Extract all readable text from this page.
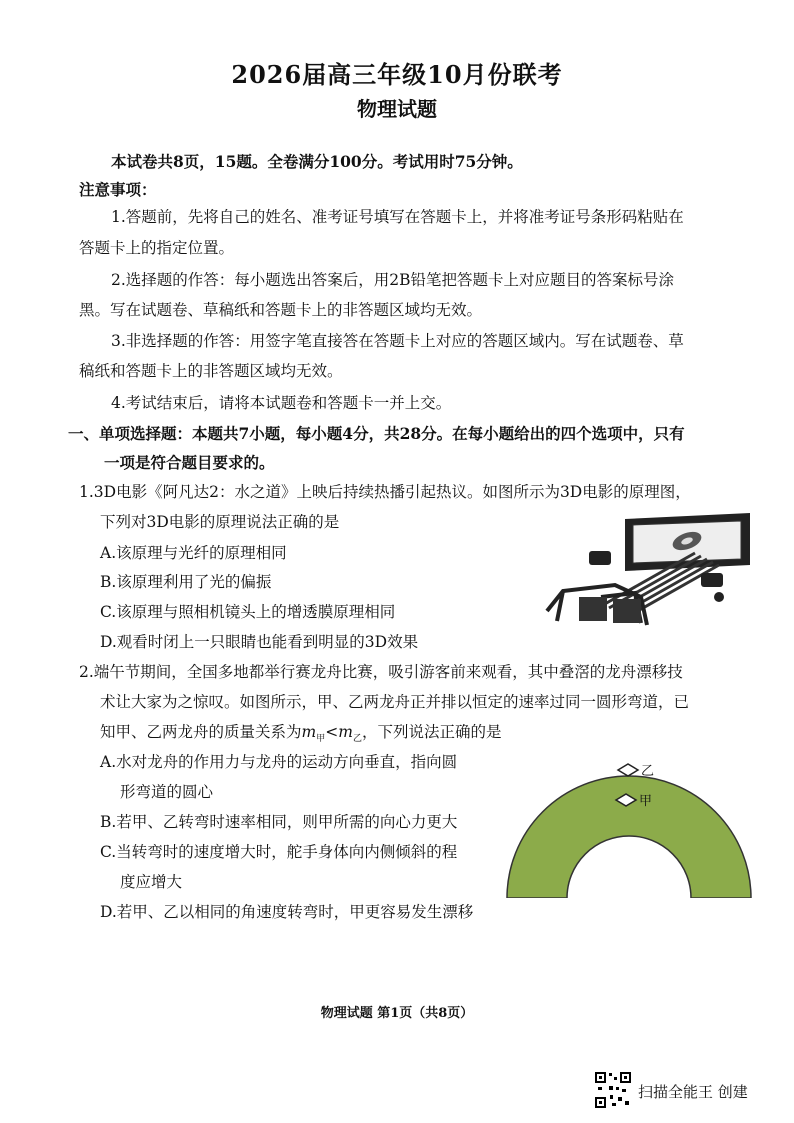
2026届高三年级10月份联考
物理试题
本试卷共8页，15题。全卷满分100分。考试用时75分钟。
注意事项：
1.答题前，先将自己的姓名、准考证号填写在答题卡上，并将准考证号条形码粘贴在
答题卡上的指定位置。
2.选择题的作答：每小题选出答案后，用2B铅笔把答题卡上对应题目的答案标号涂
黑。写在试题卷、草稿纸和答题卡上的非答题区域均无效。
3.非选择题的作答：用签字笔直接答在答题卡上对应的答题区域内。写在试题卷、草
稿纸和答题卡上的非答题区域均无效。
4.考试结束后，请将本试题卷和答题卡一并上交。
一、单项选择题：本题共7小题，每小题4分，共28分。在每小题给出的四个选项中，只有
一项是符合题目要求的。
1.3D电影《阿凡达2：水之道》上映后持续热播引起热议。如图所示为3D电影的原理图，
下列对3D电影的原理说法正确的是
A.该原理与光纤的原理相同
B.该原理利用了光的偏振
C.该原理与照相机镜头上的增透膜原理相同
D.观看时闭上一只眼睛也能看到明显的3D效果
2.端午节期间，全国多地都举行赛龙舟比赛，吸引游客前来观看，其中叠滘的龙舟漂移技
术让大家为之惊叹。如图所示，甲、乙两龙舟正并排以恒定的速率过同一圆形弯道，已
知甲、乙两龙舟的质量关系为$m_甲<m_乙$，下列说法正确的是
A.水对龙舟的作用力与龙舟的运动方向垂直，指向圆
形弯道的圆心
B.若甲、乙转弯时速率相同，则甲所需的向心力更大
C.当转弯时的速度增大时，舵手身体向内侧倾斜的程
度应增大
D.若甲、乙以相同的角速度转弯时，甲更容易发生漂移
乙
甲
物理试题 第1页（共8页）
扫描全能王 创建
